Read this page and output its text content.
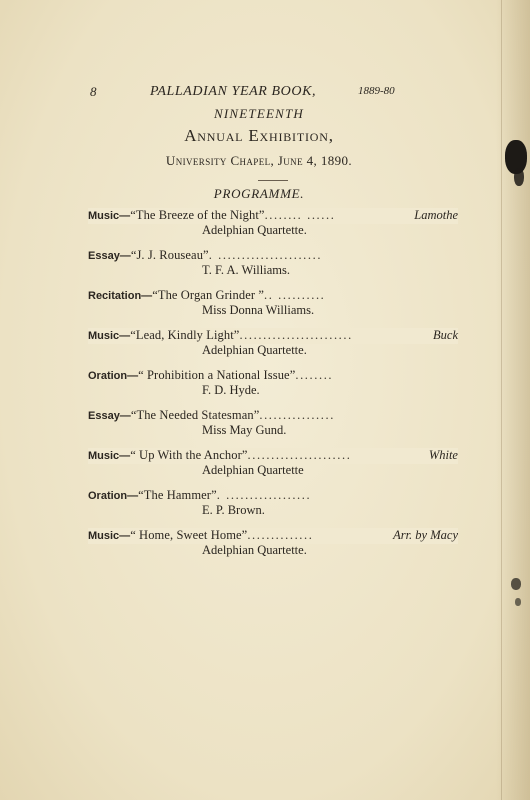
8	PALLADIAN YEAR BOOK,	1889-80
NINETEENTH
Annual Exhibition,
University Chapel, June 4, 1890.
PROGRAMME.
Music—“The Breeze of the Night”........ ......	Lamothe
Adelphian Quartette.
Essay—“J. J. Rouseau”. ......................
T. F. A. Williams.
Recitation—“The Organ Grinder ”.. ..........
Miss Donna Williams.
Music—“Lead, Kindly Light”........................	Buck
Adelphian Quartette.
Oration—“ Prohibition a National Issue”........
F. D. Hyde.
Essay—“The Needed Statesman”................
Miss May Gund.
Music—“ Up With the Anchor”......................	White
Adelphian Quartette
Oration—“The Hammer”. ..................
E. P. Brown.
Music—“ Home, Sweet Home”..............	Arr. by Macy
Adelphian Quartette.
